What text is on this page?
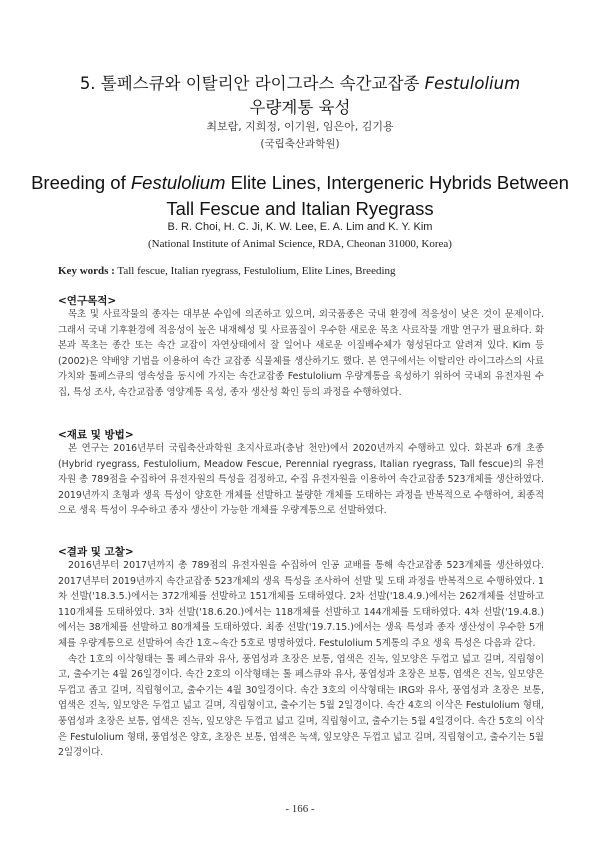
5. 톨페스큐와 이탈리안 라이그라스 속간교잡종 Festulolium
우량계통 육성
최보람, 지희정, 이기원, 임은아, 김기용
(국립축산과학원)
Breeding of Festulolium Elite Lines, Intergeneric Hybrids Between Tall Fescue and Italian Ryegrass
B. R. Choi, H. C. Ji, K. W. Lee, E. A. Lim and K. Y. Kim
(National Institute of Animal Science, RDA, Cheonan 31000, Korea)
Key words : Tall fescue, Italian ryegrass, Festulolium, Elite Lines, Breeding
<연구목적>

목초 및 사료작물의 종자는 대부분 수입에 의존하고 있으며, 외국품종은 국내 환경에 적응성이 낮은 것이 문제이다. 그래서 국내 기후환경에 적응성이 높은 내재해성 및 사료품질이 우수한 새로운 목초 사료작물 개발 연구가 필요하다. 화본과 목초는 종간 또는 속간 교잡이 자연상태에서 잘 일어나 새로운 이질배수체가 형성된다고 알려져 있다. Kim 등(2002)은 약배양 기법을 이용하여 속간 교잡종 식물체를 생산하기도 했다. 본 연구에서는 이탈리안 라이그라스의 사료가치와 톨페스큐의 영속성을 동시에 가지는 속간교잡종 Festulolium 우량계통을 육성하기 위하여 국내외 유전자원 수집, 특성 조사, 속간교잡종 영양계통 육성, 종자 생산성 확인 등의 과정을 수행하였다.

<재료 및 방법>

본 연구는 2016년부터 국립축산과학원 초지사료과(충남 천안)에서 2020년까지 수행하고 있다. 화본과 6개 초종(Hybrid ryegrass, Festulolium, Meadow Fescue, Perennial ryegrass, Italian ryegrass, Tall fescue)의 유전자원 총 789점을 수집하여 유전자원의 특성을 검정하고, 수집 유전자원을 이용하여 속간교잡종 523개체를 생산하였다. 2019년까지 초형과 생육 특성이 양호한 개체를 선발하고 불량한 개체를 도태하는 과정을 반복적으로 수행하여, 최종적으로 생육 특성이 우수하고 종자 생산이 가능한 개체를 우량계통으로 선발하였다.

<결과 및 고찰>

2016년부터 2017년까지 총 789점의 유전자원을 수집하여 인공 교배를 통해 속간교잡종 523개체를 생산하였다. 2017년부터 2019년까지 속간교잡종 523개체의 생육 특성을 조사하여 선발 및 도태 과정을 반복적으로 수행하였다. 1차 선발('18.3.5.)에서는 372개체를 선발하고 151개체를 도태하였다. 2차 선발('18.4.9.)에서는 262개체를 선발하고 110개체를 도태하였다. 3차 선발('18.6.20.)에서는 118개체를 선발하고 144개체를 도태하였다. 4차 선발('19.4.8.)에서는 38개체를 선발하고 80개체를 도태하였다. 최종 선발('19.7.15.)에서는 생육 특성과 종자 생산성이 우수한 5개체를 우량계통으로 선발하여 속간 1호∼속간 5호로 명명하였다. Festulolium 5계통의 주요 생육 특성은 다음과 같다.

속간 1호의 이삭형태는 톨 페스큐와 유사, 풍엽성과 초장은 보통, 엽색은 진녹, 잎모양은 두껍고 넓고 길며, 직립형이고, 출수기는 4월 26일경이다. 속간 2호의 이삭형태는 톨 페스큐와 유사, 풍엽성과 초장은 보통, 엽색은 진녹, 잎모양은 두껍고 좁고 길며, 직립형이고, 출수기는 4월 30일경이다. 속간 3호의 이삭형태는 IRG와 유사, 풍엽성과 초장은 보통, 엽색은 진녹, 잎모양은 두껍고 넓고 길며, 직립형이고, 출수기는 5월 2일경이다. 속간 4호의 이삭은 Festulolium 형태, 풍엽성과 초장은 보통, 엽색은 진녹, 잎모양은 두껍고 넓고 길며, 직립형이고, 출수기는 5월 4일경이다. 속간 5호의 이삭은 Festulolium 형태, 풍엽성은 양호, 초장은 보통, 엽색은 녹색, 잎모양은 두껍고 넓고 길며, 직립형이고, 출수기는 5월 2일경이다.

- 166 -
